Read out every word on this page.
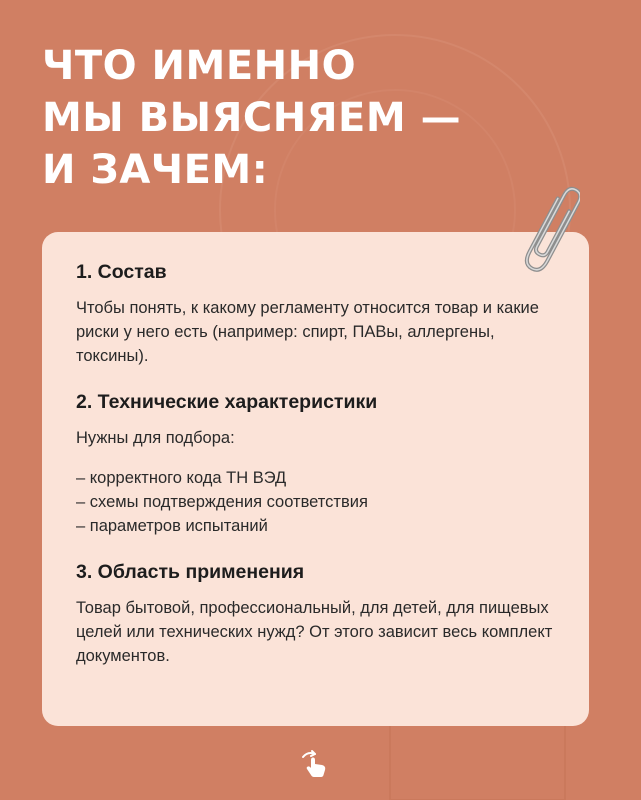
ЧТО ИМЕННО
МЫ ВЫЯСНЯЕМ —
И ЗАЧЕМ:
1. Состав

Чтобы понять, к какому регламенту относится товар и какие риски у него есть (например: спирт, ПАВы, аллергены, токсины).

2. Технические характеристики

Нужны для подбора:

– корректного кода ТН ВЭД
– схемы подтверждения соответствия
– параметров испытаний
3. Область применения

Товар бытовой, профессиональный, для детей, для пищевых целей или технических нужд? От этого зависит весь комплект документов.
